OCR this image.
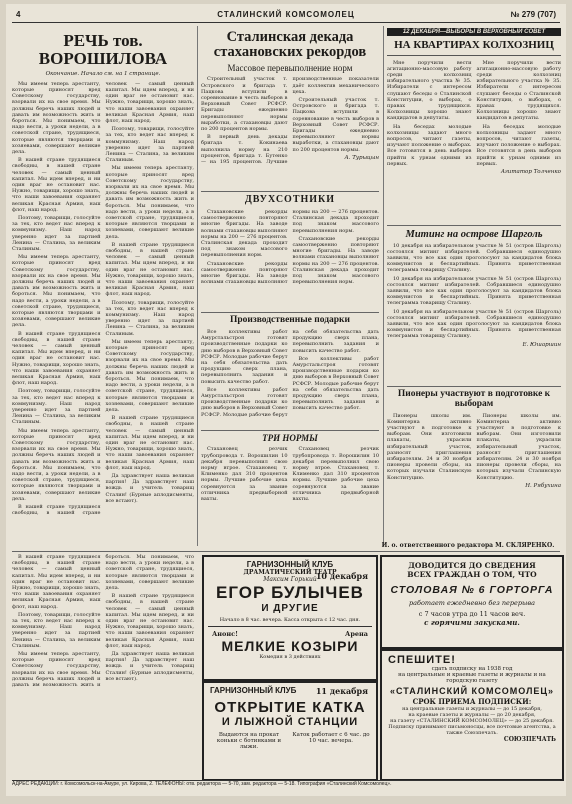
4	СТАЛИНСКИЙ КОМСОМОЛЕЦ	№ 279 (707)
РЕЧЬ тов. ВОРОШИЛОВА
Окончание. Начало см. на 1 странице.

Мы имеем теперь арестанту, которые приносят вред Советскому государству, взорвали их на свое время. Мы должны беречь наших людей и давать им возможность жить и бороться. Мы понимаем, что надо вести, а уроки недели, а в советской стране, трудящиеся, которые являются творцами и хозяевами, совершают великие дела.

В нашей стране трудящиеся свободны, в нашей стране человек — самый ценный капитал. Мы идем вперед, и ни один враг не остановит нас. Нужно, товарищи, хорошо знать, что наши завоевания охраняет великая Красная Армия, наш флот, наш народ.

Поэтому, товарищи, голосуйте за тех, кто ведет нас вперед к коммунизму. Наш народ уверенно идет за партией Ленина — Сталина, за великим Сталиным.

Мы имеем теперь арестанту, которые приносят вред Советскому государству, взорвали их на свое время. Мы должны беречь наших людей и давать им возможность жить и бороться. Мы понимаем, что надо вести, а уроки недели, а в советской стране, трудящиеся, которые являются творцами и хозяевами, совершают великие дела.

В нашей стране трудящиеся свободны, в нашей стране человек — самый ценный капитал. Мы идем вперед, и ни один враг не остановит нас. Нужно, товарищи, хорошо знать, что наши завоевания охраняет великая Красная Армия, наш флот, наш народ.

Поэтому, товарищи, голосуйте за тех, кто ведет нас вперед к коммунизму. Наш народ уверенно идет за партией Ленина — Сталина, за великим Сталиным.

Мы имеем теперь арестанту, которые приносят вред Советскому государству, взорвали их на свое время. Мы должны беречь наших людей и давать им возможность жить и бороться. Мы понимаем, что надо вести, а уроки недели, а в советской стране, трудящиеся, которые являются творцами и хозяевами, совершают великие дела.

В нашей стране трудящиеся свободны, в нашей стране человек — самый ценный капитал. Мы идем вперед, и ни один враг не остановит нас. Нужно, товарищи, хорошо знать, что наши завоевания охраняет великая Красная Армия, наш флот, наш народ.

Поэтому, товарищи, голосуйте за тех, кто ведет нас вперед к коммунизму. Наш народ уверенно идет за партией Ленина — Сталина, за великим Сталиным.

Мы имеем теперь арестанту, которые приносят вред Советскому государству, взорвали их на свое время. Мы должны беречь наших людей и давать им возможность жить и бороться. Мы понимаем, что надо вести, а уроки недели, а в советской стране, трудящиеся, которые являются творцами и хозяевами, совершают великие дела.

В нашей стране трудящиеся свободны, в нашей стране человек — самый ценный капитал. Мы идем вперед, и ни один враг не остановит нас. Нужно, товарищи, хорошо знать, что наши завоевания охраняет великая Красная Армия, наш флот, наш народ.

Поэтому, товарищи, голосуйте за тех, кто ведет нас вперед к коммунизму. Наш народ уверенно идет за партией Ленина — Сталина, за великим Сталиным.

Мы имеем теперь арестанту, которые приносят вред Советскому государству, взорвали их на свое время. Мы должны беречь наших людей и давать им возможность жить и бороться. Мы понимаем, что надо вести, а уроки недели, а в советской стране, трудящиеся, которые являются творцами и хозяевами, совершают великие дела.

В нашей стране трудящиеся свободны, в нашей стране человек — самый ценный капитал. Мы идем вперед, и ни один враг не остановит нас. Нужно, товарищи, хорошо знать, что наши завоевания охраняет великая Красная Армия, наш флот, наш народ.

Да здравствует наша великая партия! Да здравствует наш вождь и учитель товарищ Сталин! (Бурные аплодисменты, все встают).

Сталинская декада стахановских рекордов
Массовое перевыполнение норм

Строительный участок т. Островского и бригада т. Пацкова вступили в соревнование в честь выборов в Верховный Совет РСФСР. Бригады ежедневно перевыполняют нормы выработки, а стахановцы дают по 200 процентов нормы.

В первый день декады бригада т. Кокинаева выполнила норму на 210 процентов, бригада т. Бутенко — на 195 процентов. Лучшие производственные показатели даёт коллектив механического цеха.

Строительный участок т. Островского и бригада т. Пацкова вступили в соревнование в честь выборов в Верховный Совет РСФСР. Бригады ежедневно перевыполняют нормы выработки, а стахановцы дают по 200 процентов нормы.

А. Турыцын
ДВУХСОТНИКИ

Стахановские рекорды самоотверженно повторяют многие бригады. На заводе волнами стахановцы выполняют нормы на 200 — 276 процентов. Сталинская декада проходит под знаком массового перевыполнения норм.

Стахановские рекорды самоотверженно повторяют многие бригады. На заводе волнами стахановцы выполняют нормы на 200 — 276 процентов. Сталинская декада проходит под знаком массового перевыполнения норм.

Стахановские рекорды самоотверженно повторяют многие бригады. На заводе волнами стахановцы выполняют нормы на 200 — 276 процентов. Сталинская декада проходит под знаком массового перевыполнения норм.

Производственные подарки

Все коллективы работ Амурстальстроя готовят производственные подарки ко дню выборов в Верховный Совет РСФСР. Молодые рабочие берут на себя обязательства дать продукцию сверх плана, перевыполнить задания и повысить качество работ.

Все коллективы работ Амурстальстроя готовят производственные подарки ко дню выборов в Верховный Совет РСФСР. Молодые рабочие берут на себя обязательства дать продукцию сверх плана, перевыполнить задания и повысить качество работ.

Все коллективы работ Амурстальстроя готовят производственные подарки ко дню выборов в Верховный Совет РСФСР. Молодые рабочие берут на себя обязательства дать продукцию сверх плана, перевыполнить задания и повысить качество работ.

ТРИ НОРМЫ

Стахановец резчик трубопровода т. Ворошилин 10 декабря перевыполнил свою норму втрое. Стахановец т. Клименко дал 310 процентов нормы. Лучшие рабочие цеха соревнуются за звание отличника предвыборной вахты.

Стахановец резчик трубопровода т. Ворошилин 10 декабря перевыполнил свою норму втрое. Стахановец т. Клименко дал 310 процентов нормы. Лучшие рабочие цеха соревнуются за звание отличника предвыборной вахты.

12 ДЕКАБРЯ—ВЫБОРЫ В ВЕРХОВНЫЙ СОВЕТ
НА КВАРТИРАХ КОЛХОЗНИЦ

Мне поручили вести агитационно-массовую работу среди колхозниц избирательного участка № 35. Избиратели с интересом слушают беседы о Сталинской Конституции, о выборах, о правах трудящихся. Колхозницы хорошо знают кандидатов в депутаты.

На беседах молодые колхозницы задают много вопросов, читают газеты, изучают положение о выборах. Все готовятся в день выборов прийти к урнам одними из первых.

Мне поручили вести агитационно-массовую работу среди колхозниц избирательного участка № 35. Избиратели с интересом слушают беседы о Сталинской Конституции, о выборах, о правах трудящихся. Колхозницы хорошо знают кандидатов в депутаты.

На беседах молодые колхозницы задают много вопросов, читают газеты, изучают положение о выборах. Все готовятся в день выборов прийти к урнам одними из первых.

Агитатор Толченко
Митинг на острове Шарголь

10 декабря на избирательном участке № 51 (остров Шарголь) состоялся митинг избирателей. Собравшиеся единодушно заявили, что все как один проголосуют за кандидатов блока коммунистов и беспартийных. Принята приветственная телеграмма товарищу Сталину.

10 декабря на избирательном участке № 51 (остров Шарголь) состоялся митинг избирателей. Собравшиеся единодушно заявили, что все как один проголосуют за кандидатов блока коммунистов и беспартийных. Принята приветственная телеграмма товарищу Сталину.

10 декабря на избирательном участке № 51 (остров Шарголь) состоялся митинг избирателей. Собравшиеся единодушно заявили, что все как один проголосуют за кандидатов блока коммунистов и беспартийных. Принята приветственная телеграмма товарищу Сталину.

Е. Юшаршин
Пионеры участвуют в подготовке к выборам

Пионеры школы им. Коминтерна активно участвуют в подготовке к выборам. Они изготовили плакаты, украсили избирательный участок, разносят приглашения избирателям. 24 и 30 ноября пионеры провели сборы, на которых изучали Сталинскую Конституцию.

Пионеры школы им. Коминтерна активно участвуют в подготовке к выборам. Они изготовили плакаты, украсили избирательный участок, разносят приглашения избирателям. 24 и 30 ноября пионеры провели сборы, на которых изучали Сталинскую Конституцию.

Н. Рябухина
И. о. ответственного редактора М. СКЛЯРЕНКО.

В нашей стране трудящиеся свободны, в нашей стране человек — самый ценный капитал. Мы идем вперед, и ни один враг не остановит нас. Нужно, товарищи, хорошо знать, что наши завоевания охраняет великая Красная Армия, наш флот, наш народ.

Поэтому, товарищи, голосуйте за тех, кто ведет нас вперед к коммунизму. Наш народ уверенно идет за партией Ленина — Сталина, за великим Сталиным.

Мы имеем теперь арестанту, которые приносят вред Советскому государству, взорвали их на свое время. Мы должны беречь наших людей и давать им возможность жить и бороться. Мы понимаем, что надо вести, а уроки недели, а в советской стране, трудящиеся, которые являются творцами и хозяевами, совершают великие дела.

В нашей стране трудящиеся свободны, в нашей стране человек — самый ценный капитал. Мы идем вперед, и ни один враг не остановит нас. Нужно, товарищи, хорошо знать, что наши завоевания охраняет великая Красная Армия, наш флот, наш народ.

Да здравствует наша великая партия! Да здравствует наш вождь и учитель товарищ Сталин! (Бурные аплодисменты, все встают).

ГАРНИЗОННЫЙ КЛУБ
ДРАМАТИЧЕСКИЙ ТЕАТР
10 декабря
Максим Горький
ЕГОР БУЛЫЧЕВ
И ДРУГИЕ
Начало в 8 час. вечера. Касса открыта с 12 час. дня.
Анонс!	Арена
МЕЛКИЕ КОЗЫРИ
Комедия в 3 действиях
ГАРНИЗОННЫЙ КЛУБ	11 декабря
ОТКРЫТИЕ КАТКА
И ЛЫЖНОЙ СТАНЦИИ
Выдаются на прокат коньки с ботинками и лыжи.
Каток работает с 6 час. до 10 час. вечера.
ДОВОДИТСЯ ДО СВЕДЕНИЯ
ВСЕХ ГРАЖДАН О ТОМ, ЧТО
СТОЛОВАЯ № 6 ГОРТОРГА
работает ежедневно без перерыва
с 7 часов утра до 11 часов веч.
с горячими закусками.
СПЕШИТЕ!
сдать подписку на 1938 год
на центральные и краевые газеты и журналы и на городскую газету
«СТАЛИНСКИЙ КОМСОМОЛЕЦ»
СРОК ПРИЕМА ПОДПИСКИ:
на центральные газеты и журналы — до 15 декабря,
на краевые газеты и журналы — до 20 декабря,
на газету «СТАЛИНСКИЙ КОМСОМОЛЕЦ» — до 25 декабря.
Подписку принимают письмоносцы, все почтовые агентства, а также Союзпечать.
СОЮЗПЕЧАТЬ
АДРЕС РЕДАКЦИИ: г. Комсомольск-на-Амуре, ул. Кирова, 2. ТЕЛЕФОНЫ: отв. редактора — 5-70, зам. редактора — 5-18. Типография «Сталинский Комсомолец».
